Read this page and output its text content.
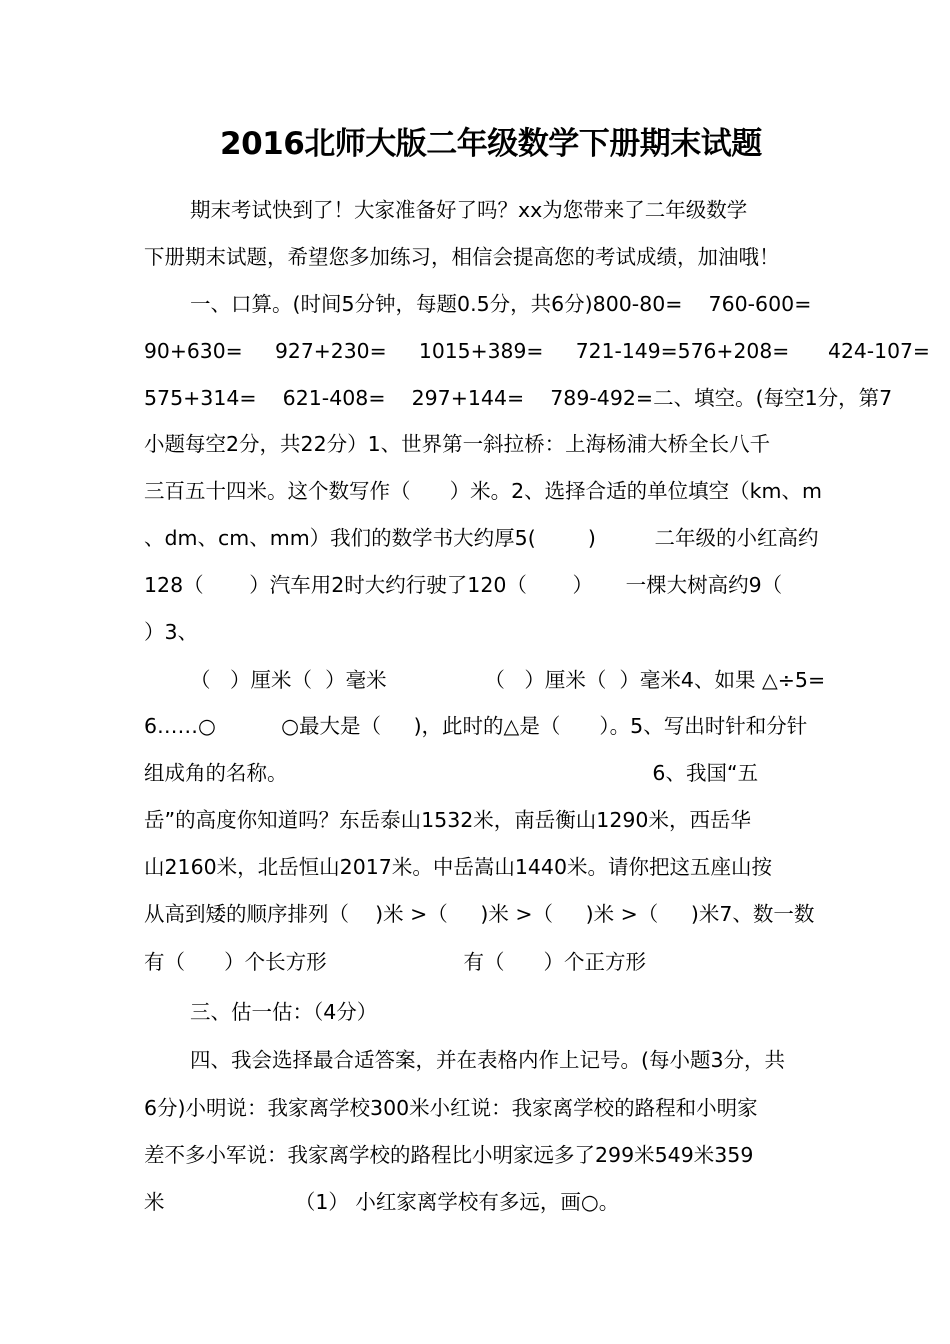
2016北师大版二年级数学下册期末试题
期末考试快到了！大家准备好了吗？xx为您带来了二年级数学
下册期末试题，希望您多加练习，相信会提高您的考试成绩，加油哦！
一、口算。(时间5分钟，每题0.5分，共6分)800-80=    760-600=
90+630=     927+230=     1015+389=     721-149=576+208=      424-107=
575+314=    621-408=    297+144=    789-492=二、填空。(每空1分，第7
小题每空2分，共22分）1、世界第一斜拉桥：上海杨浦大桥全长八千
三百五十四米。这个数写作（      ）米。2、选择合适的单位填空（km、m
、dm、cm、mm）我们的数学书大约厚5(        )         二年级的小红高约
128（       ）汽车用2时大约行驶了120（       ）     一棵大树高约9（
）3、
（   ）厘米（  ）毫米               （   ）厘米（  ）毫米4、如果 △÷5=
6……○          ○最大是（     )，此时的△是（      ）。5、写出时针和分针
组成角的名称。                                                        6、我国“五
岳”的高度你知道吗？东岳泰山1532米，南岳衡山1290米，西岳华
山2160米，北岳恒山2017米。中岳嵩山1440米。请你把这五座山按
从高到矮的顺序排列（    )米 >（     )米 >（     )米 >（     )米7、数一数
有（      ）个长方形                     有（      ）个正方形
三、估一估：（4分）
四、我会选择最合适答案，并在表格内作上记号。(每小题3分，共
6分)小明说：我家离学校300米小红说：我家离学校的路程和小明家
差不多小军说：我家离学校的路程比小明家远多了299米549米359
米                    （1） 小红家离学校有多远，画○。
